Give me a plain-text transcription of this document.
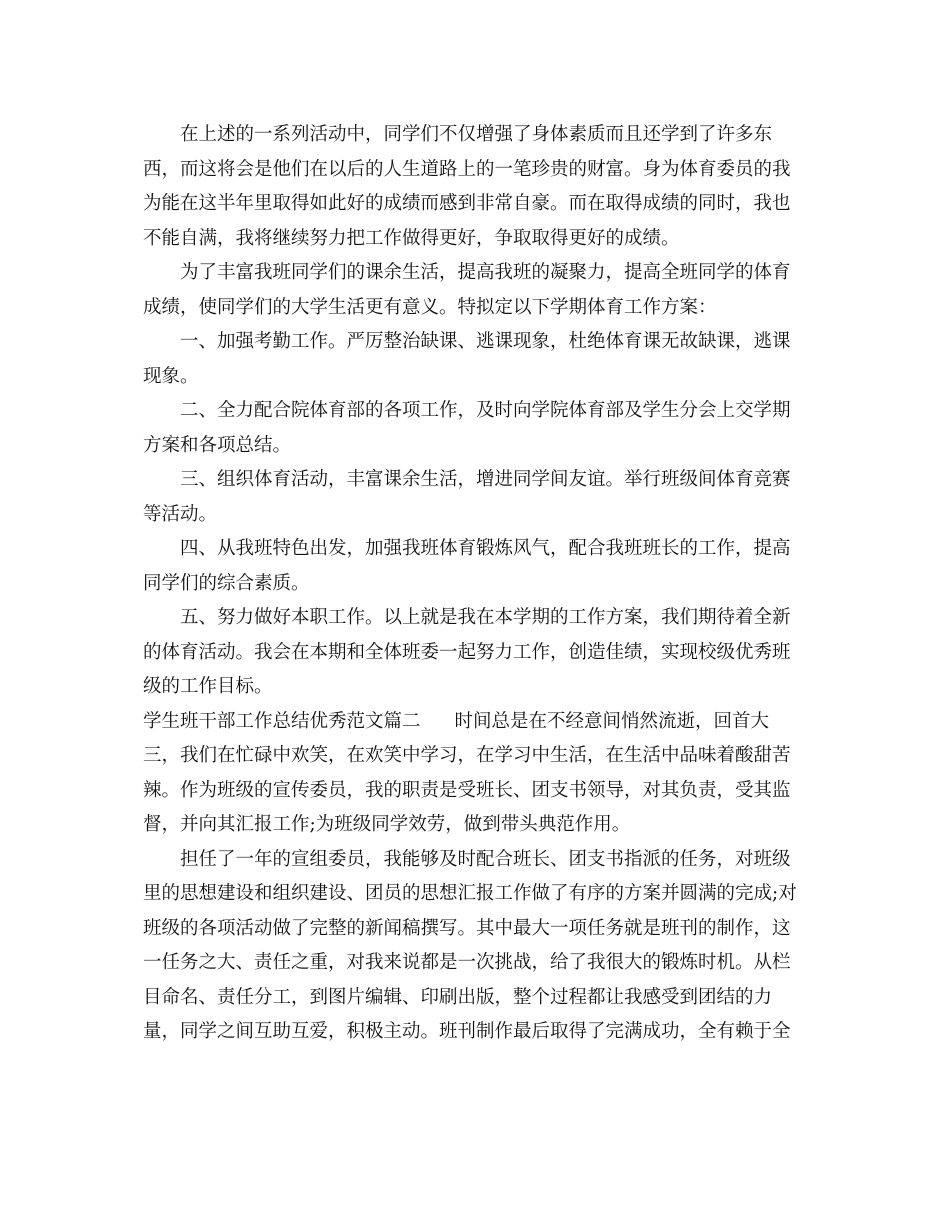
在上述的一系列活动中，同学们不仅增强了身体素质而且还学到了许多东
西，而这将会是他们在以后的人生道路上的一笔珍贵的财富。身为体育委员的我
为能在这半年里取得如此好的成绩而感到非常自豪。而在取得成绩的同时，我也
不能自满，我将继续努力把工作做得更好，争取取得更好的成绩。
为了丰富我班同学们的课余生活，提高我班的凝聚力，提高全班同学的体育
成绩，使同学们的大学生活更有意义。特拟定以下学期体育工作方案：
一、加强考勤工作。严厉整治缺课、逃课现象，杜绝体育课无故缺课，逃课
现象。
二、全力配合院体育部的各项工作，及时向学院体育部及学生分会上交学期
方案和各项总结。
三、组织体育活动，丰富课余生活，增进同学间友谊。举行班级间体育竞赛
等活动。
四、从我班特色出发，加强我班体育锻炼风气，配合我班班长的工作，提高
同学们的综合素质。
五、努力做好本职工作。以上就是我在本学期的工作方案，我们期待着全新
的体育活动。我会在本期和全体班委一起努力工作，创造佳绩，实现校级优秀班
级的工作目标。
学生班干部工作总结优秀范文篇二 时间总是在不经意间悄然流逝，回首大
三，我们在忙碌中欢笑，在欢笑中学习，在学习中生活，在生活中品味着酸甜苦
辣。作为班级的宣传委员，我的职责是受班长、团支书领导，对其负责，受其监
督，并向其汇报工作;为班级同学效劳，做到带头典范作用。
担任了一年的宣组委员，我能够及时配合班长、团支书指派的任务，对班级
里的思想建设和组织建设、团员的思想汇报工作做了有序的方案并圆满的完成;对
班级的各项活动做了完整的新闻稿撰写。其中最大一项任务就是班刊的制作，这
一任务之大、责任之重，对我来说都是一次挑战，给了我很大的锻炼时机。从栏
目命名、责任分工，到图片编辑、印刷出版，整个过程都让我感受到团结的力
量，同学之间互助互爱，积极主动。班刊制作最后取得了完满成功，全有赖于全
